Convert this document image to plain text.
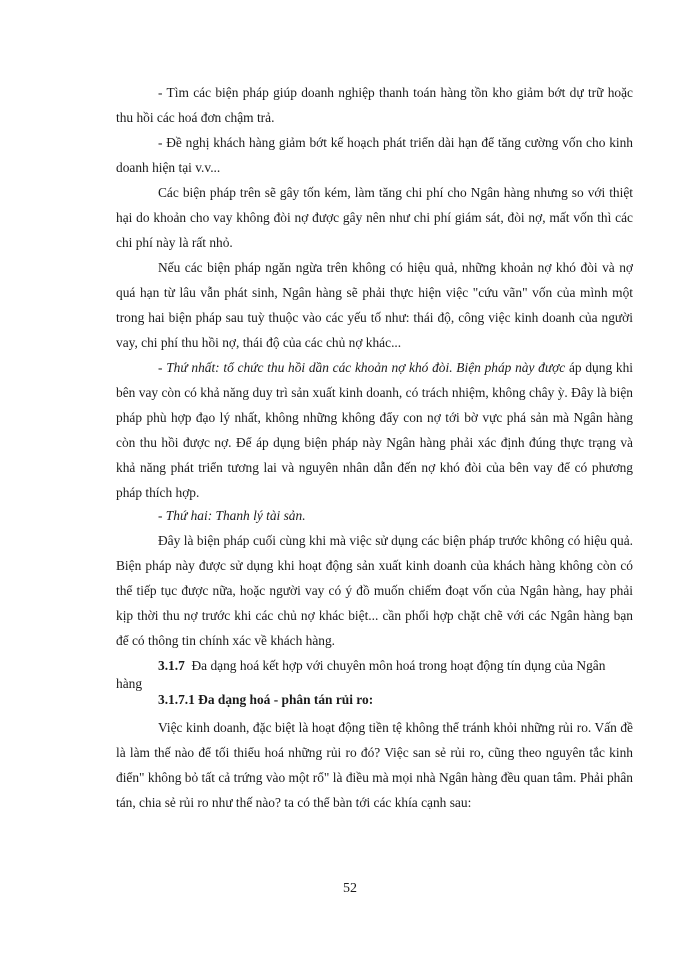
- Tìm các biện pháp giúp doanh nghiệp thanh toán hàng tồn kho giảm bớt dự trữ hoặc thu hồi các hoá đơn chậm trả.

- Đề nghị khách hàng giảm bớt kế hoạch phát triển dài hạn để tăng cường vốn cho kinh doanh hiện tại v.v...

Các biện pháp trên sẽ gây tốn kém, làm tăng chi phí cho Ngân hàng nhưng so với thiệt hại do khoản cho vay không đòi nợ được gây nên như chi phí giám sát, đòi nợ, mất vốn thì các chi phí này là rất nhỏ.

Nếu các biện pháp ngăn ngừa trên không có hiệu quả, những khoản nợ khó đòi và nợ quá hạn từ lâu vẫn phát sinh, Ngân hàng sẽ phải thực hiện việc "cứu vãn" vốn của mình một trong hai biện pháp sau tuỳ thuộc vào các yếu tố như: thái độ, công việc kinh doanh của người vay, chi phí thu hồi nợ, thái độ của các chủ nợ khác...

- Thứ nhất: tổ chức thu hồi dần các khoản nợ khó đòi. Biện pháp này được áp dụng khi bên vay còn có khả năng duy trì sản xuất kinh doanh, có trách nhiệm, không chây ỳ. Đây là biện pháp phù hợp đạo lý nhất, không những không đẩy con nợ tới bờ vực phá sản mà Ngân hàng còn thu hồi được nợ. Để áp dụng biện pháp này Ngân hàng phải xác định đúng thực trạng và khả năng phát triển tương lai và nguyên nhân dẫn đến nợ khó đòi của bên vay để có phương pháp thích hợp.

- Thứ hai: Thanh lý tài sản.

Đây là biện pháp cuối cùng khi mà việc sử dụng các biện pháp trước không có hiệu quả. Biện pháp này được sử dụng khi hoạt động sản xuất kinh doanh của khách hàng không còn có thể tiếp tục được nữa, hoặc người vay có ý đồ muốn chiếm đoạt vốn của Ngân hàng, hay phải kịp thời thu nợ trước khi các chủ nợ khác biệt... cần phối hợp chặt chẽ với các Ngân hàng bạn để có thông tin chính xác về khách hàng.

3.1.7 Đa dạng hoá kết hợp với chuyên môn hoá trong hoạt động tín dụng của Ngân hàng

3.1.7.1 Đa dạng hoá - phân tán rủi ro:

Việc kinh doanh, đặc biệt là hoạt động tiền tệ không thể tránh khỏi những rủi ro. Vấn đề là làm thế nào để tối thiểu hoá những rủi ro đó? Việc san sẻ rủi ro, cũng theo nguyên tắc kinh điển" không bỏ tất cả trứng vào một rổ" là điều mà mọi nhà Ngân hàng đều quan tâm. Phải phân tán, chia sẻ rủi ro như thế nào? ta có thể bàn tới các khía cạnh sau:

52
